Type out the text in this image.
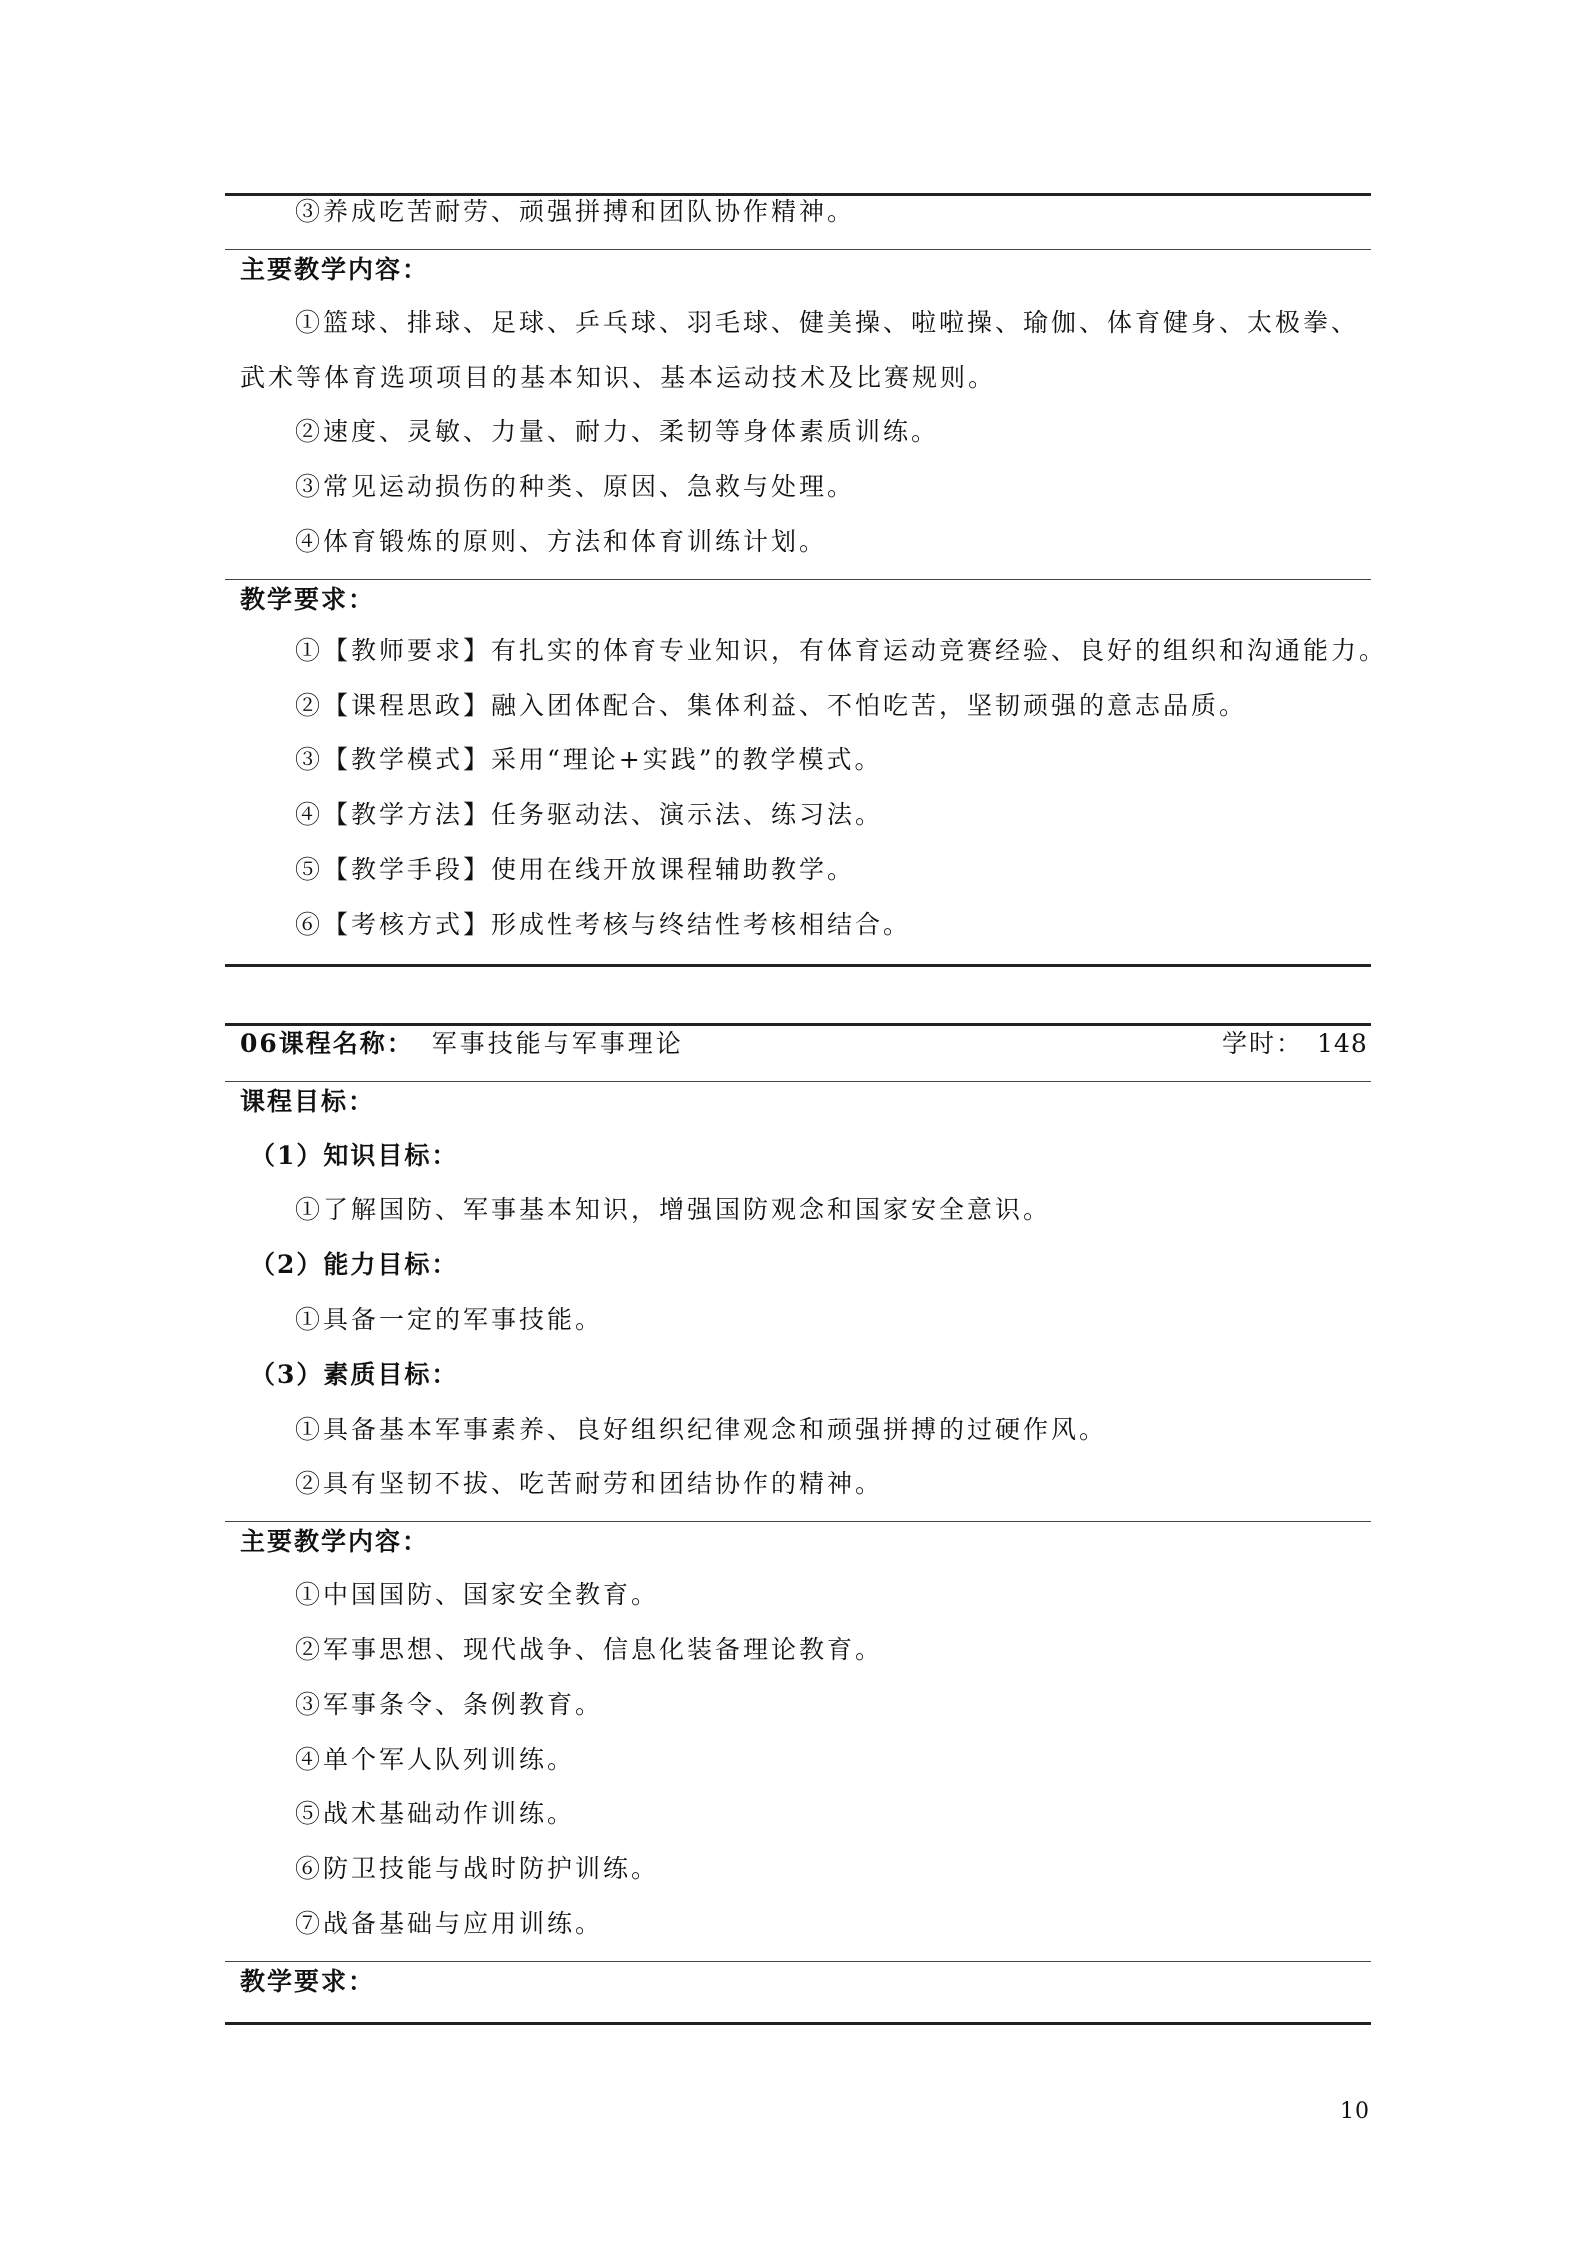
③养成吃苦耐劳、顽强拼搏和团队协作精神。
主要教学内容：
①篮球、排球、足球、乒乓球、羽毛球、健美操、啦啦操、瑜伽、体育健身、太极拳、
武术等体育选项项目的基本知识、基本运动技术及比赛规则。
②速度、灵敏、力量、耐力、柔韧等身体素质训练。
③常见运动损伤的种类、原因、急救与处理。
④体育锻炼的原则、方法和体育训练计划。
教学要求：
①【教师要求】有扎实的体育专业知识，有体育运动竞赛经验、良好的组织和沟通能力。
②【课程思政】融入团体配合、集体利益、不怕吃苦，坚韧顽强的意志品质。
③【教学模式】采用“理论+实践”的教学模式。
④【教学方法】任务驱动法、演示法、练习法。
⑤【教学手段】使用在线开放课程辅助教学。
⑥【考核方式】形成性考核与终结性考核相结合。
06课程名称： 军事技能与军事理论	学时： 148
课程目标：
（1）知识目标：
①了解国防、军事基本知识，增强国防观念和国家安全意识。
（2）能力目标：
①具备一定的军事技能。
（3）素质目标：
①具备基本军事素养、良好组织纪律观念和顽强拼搏的过硬作风。
②具有坚韧不拔、吃苦耐劳和团结协作的精神。
主要教学内容：
①中国国防、国家安全教育。
②军事思想、现代战争、信息化装备理论教育。
③军事条令、条例教育。
④单个军人队列训练。
⑤战术基础动作训练。
⑥防卫技能与战时防护训练。
⑦战备基础与应用训练。
教学要求：
10
